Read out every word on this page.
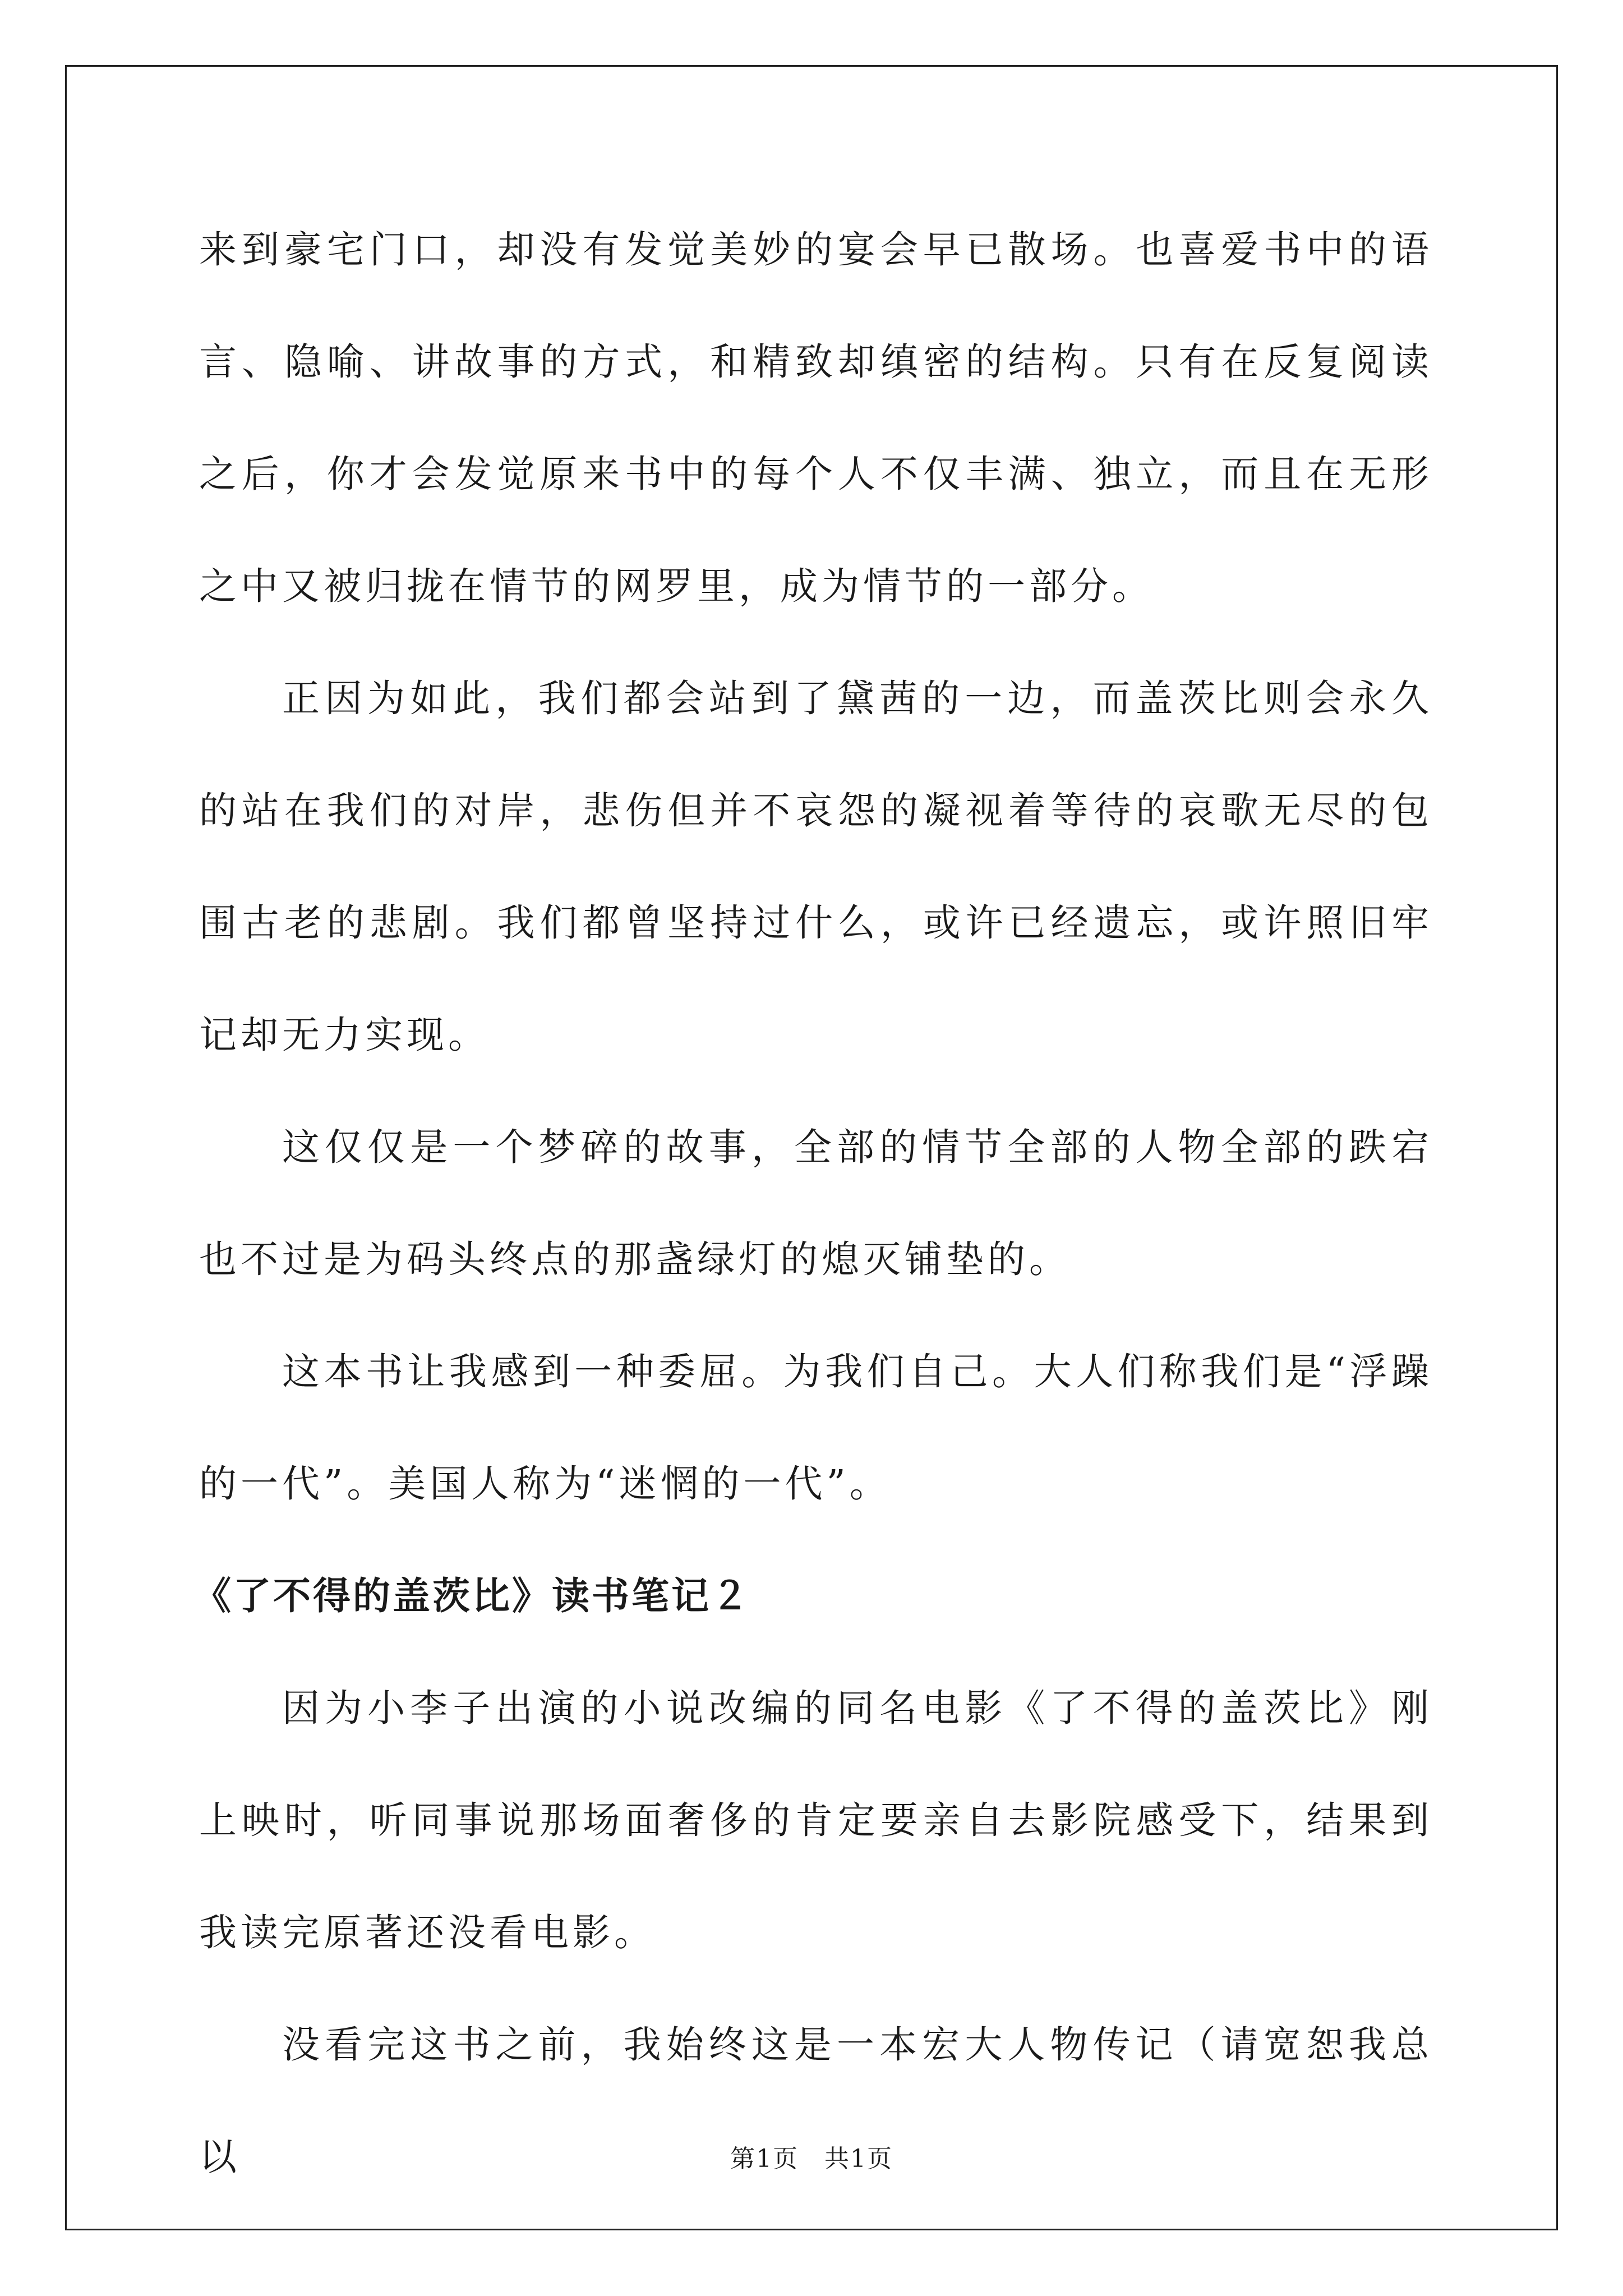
来到豪宅门口，却没有发觉美妙的宴会早已散场。也喜爱书中的语言、隐喻、讲故事的方式，和精致却缜密的结构。只有在反复阅读之后，你才会发觉原来书中的每个人不仅丰满、独立，而且在无形之中又被归拢在情节的网罗里，成为情节的一部分。

正因为如此，我们都会站到了黛茜的一边，而盖茨比则会永久的站在我们的对岸，悲伤但并不哀怨的凝视着等待的哀歌无尽的包围古老的悲剧。我们都曾坚持过什么，或许已经遗忘，或许照旧牢记却无力实现。

这仅仅是一个梦碎的故事，全部的情节全部的人物全部的跌宕也不过是为码头终点的那盏绿灯的熄灭铺垫的。

这本书让我感到一种委屈。为我们自己。大人们称我们是“浮躁的一代”。美国人称为“迷惘的一代”。

《了不得的盖茨比》读书笔记２

因为小李子出演的小说改编的同名电影《了不得的盖茨比》刚上映时，听同事说那场面奢侈的肯定要亲自去影院感受下，结果到我读完原著还没看电影。

没看完这书之前，我始终这是一本宏大人物传记（请宽恕我总以	第1页　共1页
